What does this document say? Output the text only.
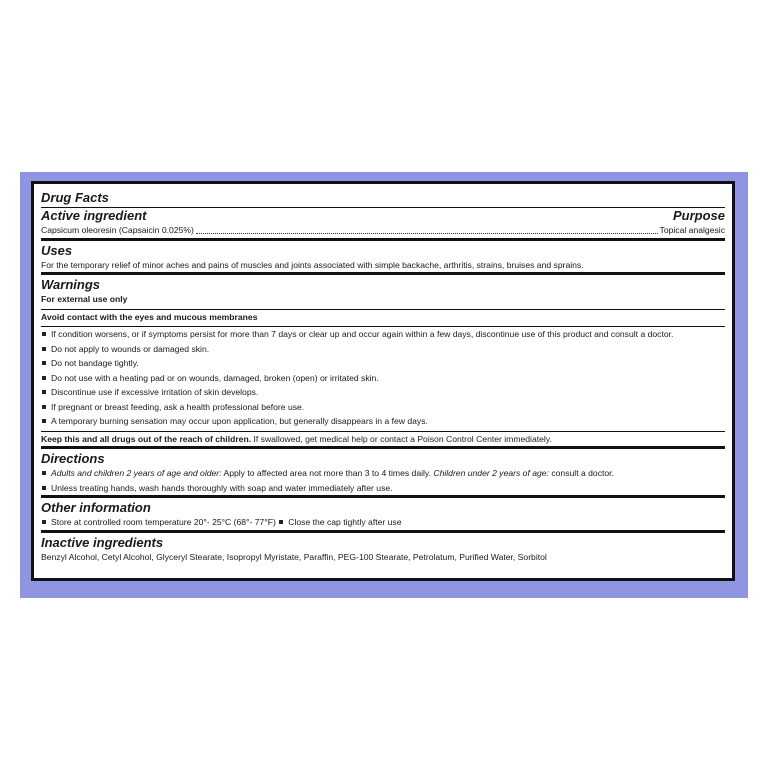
Drug Facts

Active ingredient	Purpose

Capsicum oleoresin (Capsaicin 0.025%)	Topical analgesic

Uses

For the temporary relief of minor aches and pains of muscles and joints associated with simple backache, arthritis, strains, bruises and sprains.

Warnings

For external use only

Avoid contact with the eyes and mucous membranes

If condition worsens, or if symptoms persist for more than 7 days or clear up and occur again within a few days, discontinue use of this product and consult a doctor.

Do not apply to wounds or damaged skin.

Do not bandage tightly.

Do not use with a heating pad or on wounds, damaged, broken (open) or irritated skin.

Discontinue use if excessive irritation of skin develops.

If pregnant or breast feeding, ask a health professional before use.

A temporary burning sensation may occur upon application, but generally disappears in a few days.

Keep this and all drugs out of the reach of children. If swallowed, get medical help or contact a Poison Control Center immediately.

Directions

Adults and children 2 years of age and older: Apply to affected area not more than 3 to 4 times daily. Children under 2 years of age: consult a doctor.

Unless treating hands, wash hands thoroughly with soap and water immediately after use.

Other information

Store at controlled room temperature 20°- 25°C (68°- 77°F) Close the cap tightly after use

Inactive ingredients

Benzyl Alcohol, Cetyl Alcohol, Glyceryl Stearate, Isopropyl Myristate, Paraffin, PEG-100 Stearate, Petrolatum, Purified Water, Sorbitol
